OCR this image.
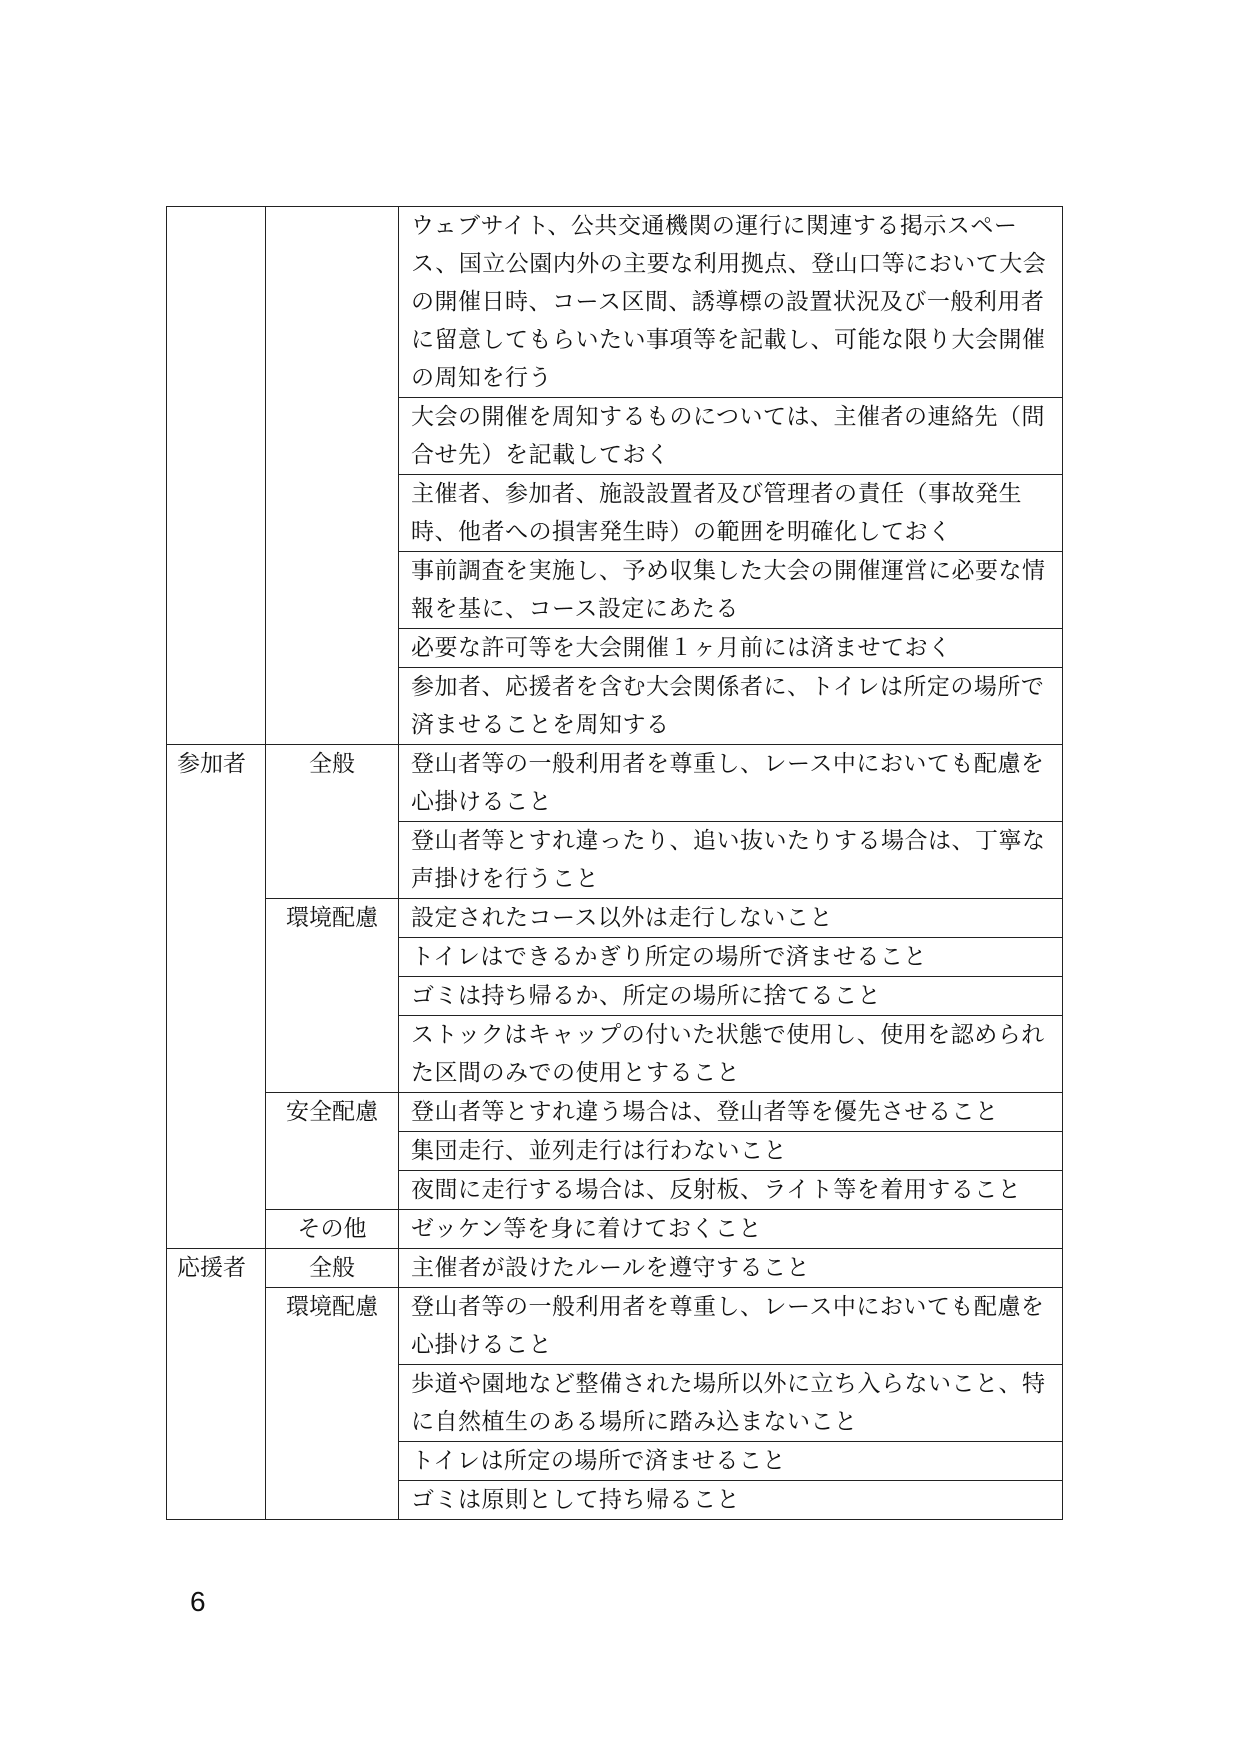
		ウェブサイト、公共交通機関の運行に関連する掲示スペース、国立公園内外の主要な利用拠点、登山口等において大会の開催日時、コース区間、誘導標の設置状況及び一般利用者に留意してもらいたい事項等を記載し、可能な限り大会開催の周知を行う
		大会の開催を周知するものについては、主催者の連絡先（問合せ先）を記載しておく
		主催者、参加者、施設設置者及び管理者の責任（事故発生時、他者への損害発生時）の範囲を明確化しておく
		事前調査を実施し、予め収集した大会の開催運営に必要な情報を基に、コース設定にあたる
		必要な許可等を大会開催１ヶ月前には済ませておく
		参加者、応援者を含む大会関係者に、トイレは所定の場所で済ませることを周知する
参加者	全般	登山者等の一般利用者を尊重し、レース中においても配慮を心掛けること
		登山者等とすれ違ったり、追い抜いたりする場合は、丁寧な声掛けを行うこと
	環境配慮	設定されたコース以外は走行しないこと
		トイレはできるかぎり所定の場所で済ませること
		ゴミは持ち帰るか、所定の場所に捨てること
		ストックはキャップの付いた状態で使用し、使用を認められた区間のみでの使用とすること
	安全配慮	登山者等とすれ違う場合は、登山者等を優先させること
		集団走行、並列走行は行わないこと
		夜間に走行する場合は、反射板、ライト等を着用すること
	その他	ゼッケン等を身に着けておくこと
応援者	全般	主催者が設けたルールを遵守すること
	環境配慮	登山者等の一般利用者を尊重し、レース中においても配慮を心掛けること
		歩道や園地など整備された場所以外に立ち入らないこと、特に自然植生のある場所に踏み込まないこと
		トイレは所定の場所で済ませること
		ゴミは原則として持ち帰ること
6
